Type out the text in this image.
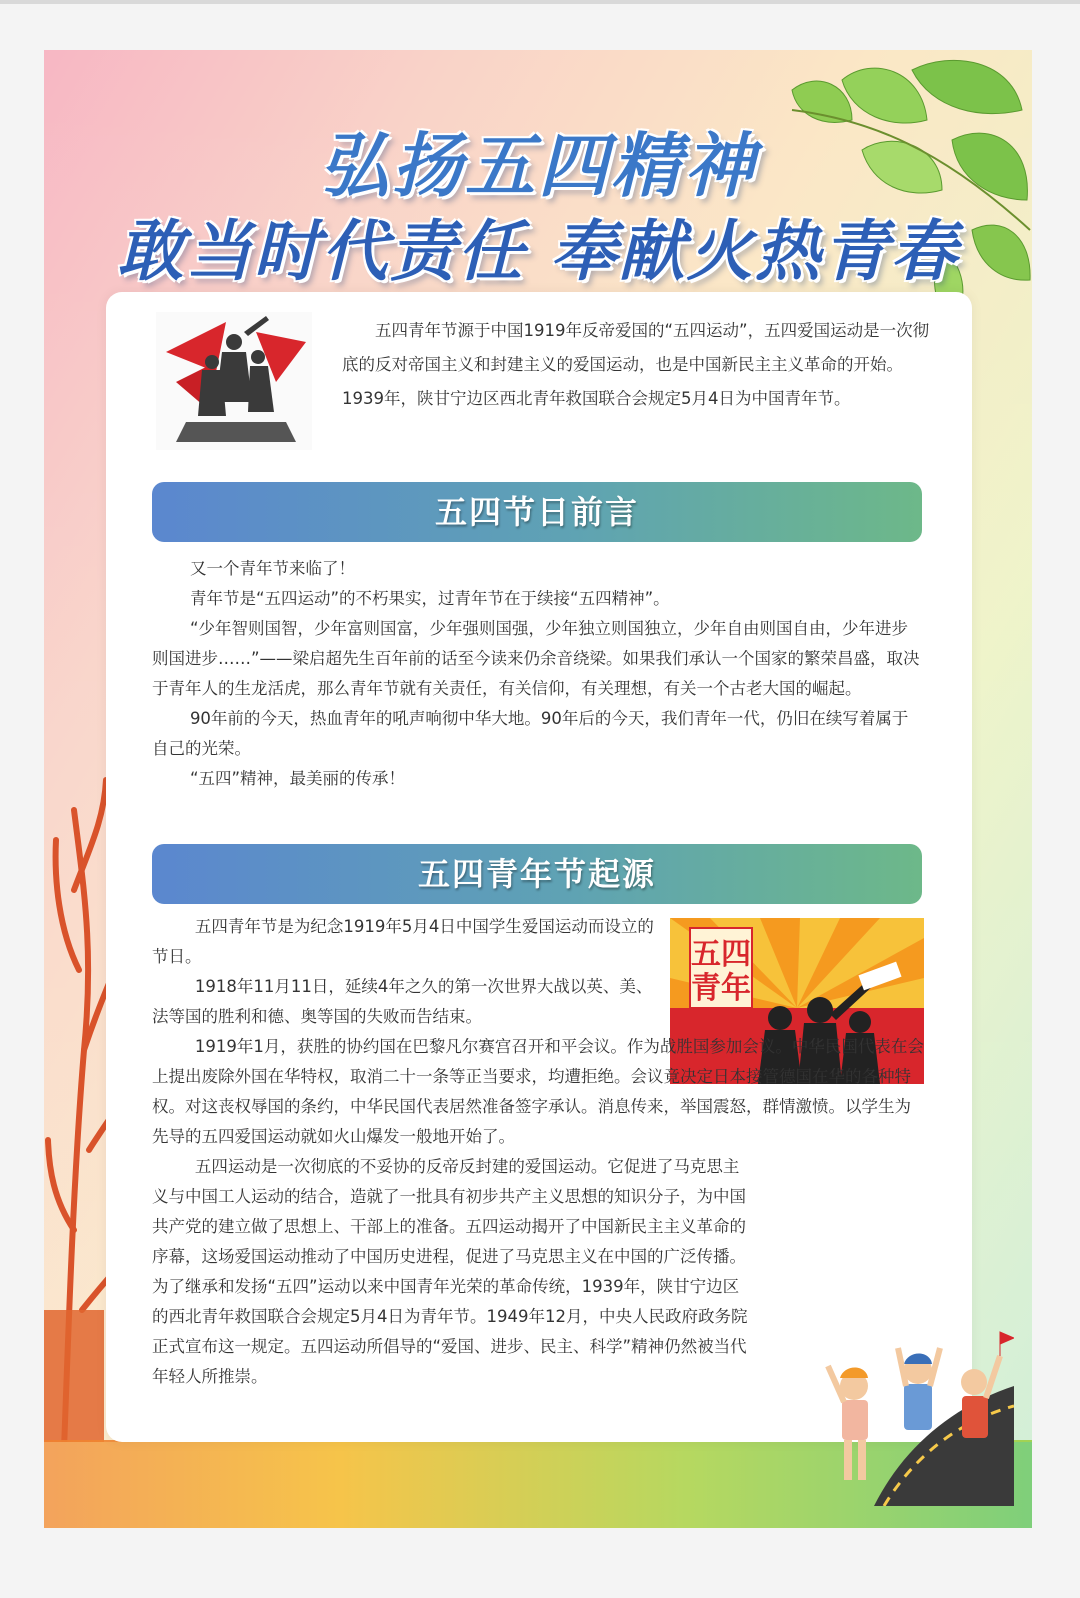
弘扬五四精神
敢当时代责任 奉献火热青春

五四青年节源于中国1919年反帝爱国的“五四运动”，五四爱国运动是一次彻底的反对帝国主义和封建主义的爱国运动，也是中国新民主主义革命的开始。1939年，陕甘宁边区西北青年救国联合会规定5月4日为中国青年节。

五四节日前言
又一个青年节来临了！
青年节是“五四运动”的不朽果实，过青年节在于续接“五四精神”。
“少年智则国智，少年富则国富，少年强则国强，少年独立则国独立，少年自由则国自由，少年进步则国进步……”——梁启超先生百年前的话至今读来仍余音绕梁。如果我们承认一个国家的繁荣昌盛，取决于青年人的生龙活虎，那么青年节就有关责任，有关信仰，有关理想，有关一个古老大国的崛起。
90年前的今天，热血青年的吼声响彻中华大地。90年后的今天，我们青年一代，仍旧在续写着属于自己的光荣。
“五四”精神，最美丽的传承！
五四青年节起源
五四
青年
五四青年节是为纪念1919年5月4日中国学生爱国运动而设立的节日。
1918年11月11日，延续4年之久的第一次世界大战以英、美、法等国的胜利和德、奥等国的失败而告结束。
1919年1月，获胜的协约国在巴黎凡尔赛宫召开和平会议。作为战胜国参加会议。中华民国代表在会上提出废除外国在华特权，取消二十一条等正当要求，均遭拒绝。会议竟决定日本接管德国在华的各种特权。对这丧权辱国的条约，中华民国代表居然准备签字承认。消息传来，举国震怒，群情激愤。以学生为先导的五四爱国运动就如火山爆发一般地开始了。
五四运动是一次彻底的不妥协的反帝反封建的爱国运动。它促进了马克思主义与中国工人运动的结合，造就了一批具有初步共产主义思想的知识分子，为中国共产党的建立做了思想上、干部上的准备。五四运动揭开了中国新民主主义革命的序幕，这场爱国运动推动了中国历史进程，促进了马克思主义在中国的广泛传播。为了继承和发扬“五四”运动以来中国青年光荣的革命传统，1939年，陕甘宁边区的西北青年救国联合会规定5月4日为青年节。1949年12月，中央人民政府政务院正式宣布这一规定。五四运动所倡导的“爱国、进步、民主、科学”精神仍然被当代年轻人所推崇。
